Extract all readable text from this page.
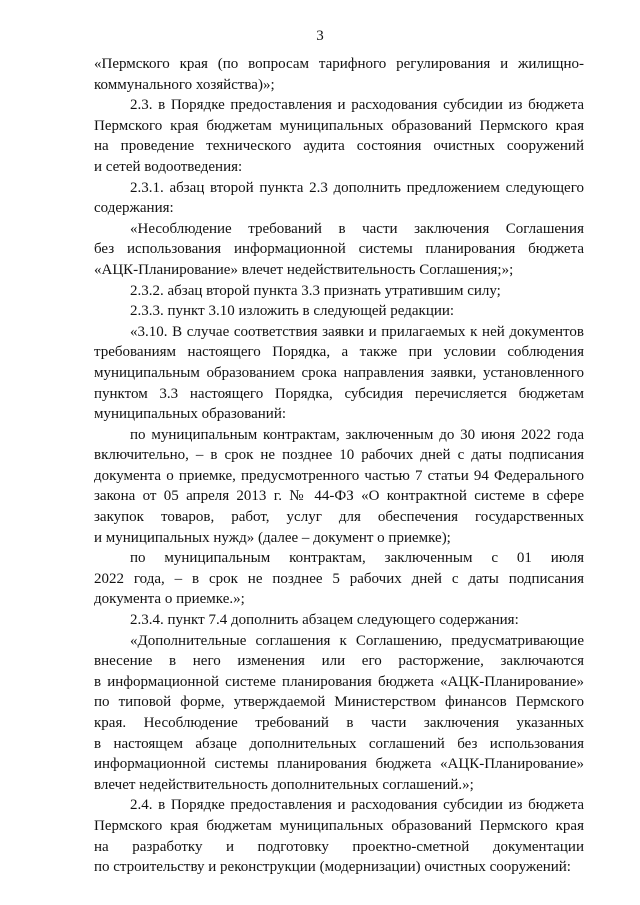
3
«Пермского края (по вопросам тарифного регулирования и жилищно-
коммунального хозяйства)»;
2.3. в Порядке предоставления и расходования субсидии из бюджета
Пермского края бюджетам муниципальных образований Пермского края
на проведение технического аудита состояния очистных сооружений
и сетей водоотведения:
2.3.1. абзац второй пункта 2.3 дополнить предложением следующего
содержания:
«Несоблюдение требований в части заключения Соглашения
без использования информационной системы планирования бюджета
«АЦК-Планирование» влечет недействительность Соглашения;»;
2.3.2. абзац второй пункта 3.3 признать утратившим силу;
2.3.3. пункт 3.10 изложить в следующей редакции:
«3.10. В случае соответствия заявки и прилагаемых к ней документов
требованиям настоящего Порядка, а также при условии соблюдения
муниципальным образованием срока направления заявки, установленного
пунктом 3.3 настоящего Порядка, субсидия перечисляется бюджетам
муниципальных образований:
по муниципальным контрактам, заключенным до 30 июня 2022 года
включительно, – в срок не позднее 10 рабочих дней с даты подписания
документа о приемке, предусмотренного частью 7 статьи 94 Федерального
закона от 05 апреля 2013 г. № 44-ФЗ «О контрактной системе в сфере
закупок товаров, работ, услуг для обеспечения государственных
и муниципальных нужд» (далее – документ о приемке);
по муниципальным контрактам, заключенным с 01 июля
2022 года, – в срок не позднее 5 рабочих дней с даты подписания
документа о приемке.»;
2.3.4. пункт 7.4 дополнить абзацем следующего содержания:
«Дополнительные соглашения к Соглашению, предусматривающие
внесение в него изменения или его расторжение, заключаются
в информационной системе планирования бюджета «АЦК-Планирование»
по типовой форме, утверждаемой Министерством финансов Пермского
края. Несоблюдение требований в части заключения указанных
в настоящем абзаце дополнительных соглашений без использования
информационной системы планирования бюджета «АЦК-Планирование»
влечет недействительность дополнительных соглашений.»;
2.4. в Порядке предоставления и расходования субсидии из бюджета
Пермского края бюджетам муниципальных образований Пермского края
на разработку и подготовку проектно-сметной документации
по строительству и реконструкции (модернизации) очистных сооружений:
